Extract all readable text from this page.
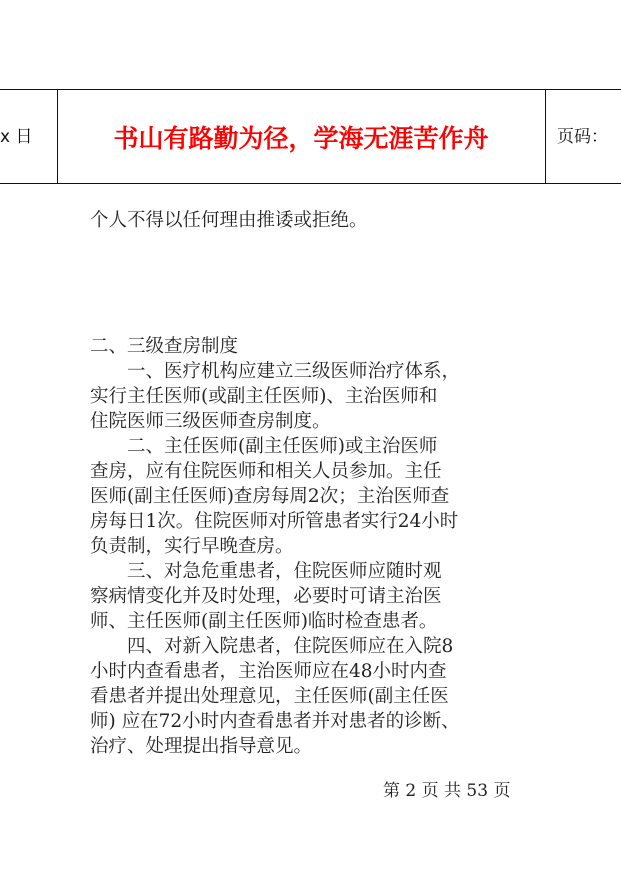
x 日	书山有路勤为径，学海无涯苦作舟	页码：
个人不得以任何理由推诿或拒绝。
二、三级查房制度
　　一、医疗机构应建立三级医师治疗体系，
实行主任医师(或副主任医师)、主治医师和
住院医师三级医师查房制度。
　　二、主任医师(副主任医师)或主治医师
查房，应有住院医师和相关人员参加。主任
医师(副主任医师)查房每周2次；主治医师查
房每日1次。住院医师对所管患者实行24小时
负责制，实行早晚查房。
　　三、对急危重患者，住院医师应随时观
察病情变化并及时处理，必要时可请主治医
师、主任医师(副主任医师)临时检查患者。
　　四、对新入院患者，住院医师应在入院8
小时内查看患者，主治医师应在48小时内查
看患者并提出处理意见，主任医师(副主任医
师) 应在72小时内查看患者并对患者的诊断、
治疗、处理提出指导意见。
第 2 页 共 53 页
